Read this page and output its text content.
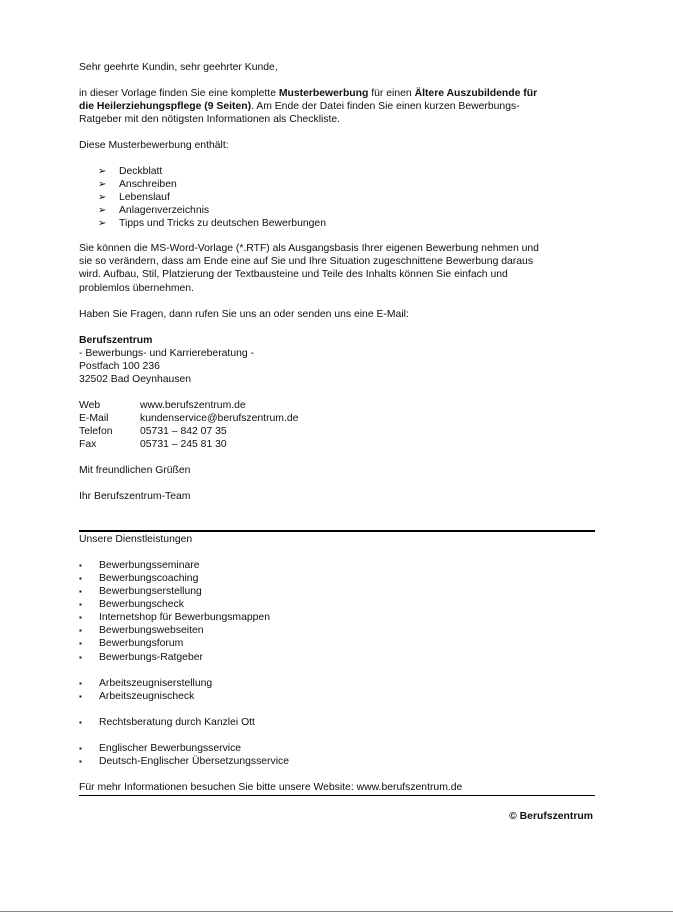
Sehr geehrte Kundin, sehr geehrter Kunde,
in dieser Vorlage finden Sie eine komplette Musterbewerbung für einen Ältere Auszubildende für
die Heilerziehungspflege (9 Seiten). Am Ende der Datei finden Sie einen kurzen Bewerbungs-
Ratgeber mit den nötigsten Informationen als Checkliste.
Diese Musterbewerbung enthält:
➢ Deckblatt
➢ Anschreiben
➢ Lebenslauf
➢ Anlagenverzeichnis
➢ Tipps und Tricks zu deutschen Bewerbungen
Sie können die MS-Word-Vorlage (*.RTF) als Ausgangsbasis Ihrer eigenen Bewerbung nehmen und
sie so verändern, dass am Ende eine auf Sie und Ihre Situation zugeschnittene Bewerbung daraus
wird. Aufbau, Stil, Platzierung der Textbausteine und Teile des Inhalts können Sie einfach und
problemlos übernehmen.
Haben Sie Fragen, dann rufen Sie uns an oder senden uns eine E-Mail:
Berufszentrum
- Bewerbungs- und Karriereberatung -
Postfach 100 236
32502 Bad Oeynhausen
Web	www.berufszentrum.de
E-Mail	kundenservice@berufszentrum.de
Telefon	05731 – 842 07 35
Fax	05731 – 245 81 30
Mit freundlichen Grüßen
Ihr Berufszentrum-Team
Unsere Dienstleistungen
▪ Bewerbungsseminare
▪ Bewerbungscoaching
▪ Bewerbungserstellung
▪ Bewerbungscheck
▪ Internetshop für Bewerbungsmappen
▪ Bewerbungswebseiten
▪ Bewerbungsforum
▪ Bewerbungs-Ratgeber
▪ Arbeitszeugniserstellung
▪ Arbeitszeugnischeck
▪ Rechtsberatung durch Kanzlei Ott
▪ Englischer Bewerbungsservice
▪ Deutsch-Englischer Übersetzungsservice
Für mehr Informationen besuchen Sie bitte unsere Website: www.berufszentrum.de
© Berufszentrum
